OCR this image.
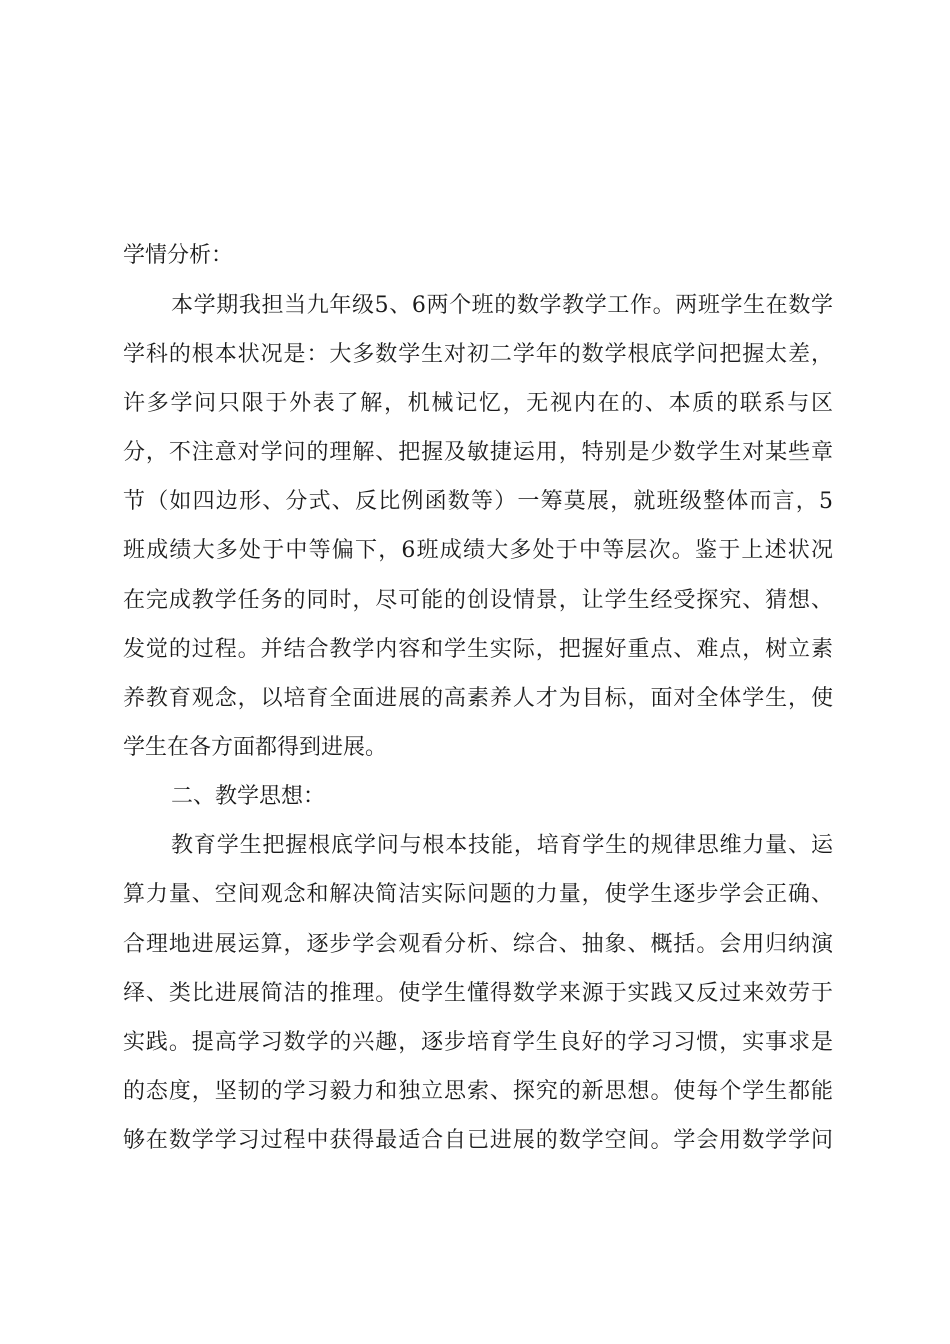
学情分析：
本学期我担当九年级5、6两个班的数学教学工作。两班学生在数学
学科的根本状况是：大多数学生对初二学年的数学根底学问把握太差，
许多学问只限于外表了解，机械记忆，无视内在的、本质的联系与区
分，不注意对学问的理解、把握及敏捷运用，特别是少数学生对某些章
节（如四边形、分式、反比例函数等）一筹莫展，就班级整体而言，5
班成绩大多处于中等偏下，6班成绩大多处于中等层次。鉴于上述状况
在完成教学任务的同时，尽可能的创设情景，让学生经受探究、猜想、
发觉的过程。并结合教学内容和学生实际，把握好重点、难点，树立素
养教育观念，以培育全面进展的高素养人才为目标，面对全体学生，使
学生在各方面都得到进展。
二、教学思想：
教育学生把握根底学问与根本技能，培育学生的规律思维力量、运
算力量、空间观念和解决简洁实际问题的力量，使学生逐步学会正确、
合理地进展运算，逐步学会观看分析、综合、抽象、概括。会用归纳演
绎、类比进展简洁的推理。使学生懂得数学来源于实践又反过来效劳于
实践。提高学习数学的兴趣，逐步培育学生良好的学习习惯，实事求是
的态度，坚韧的学习毅力和独立思索、探究的新思想。使每个学生都能
够在数学学习过程中获得最适合自已进展的数学空间。学会用数学学问
